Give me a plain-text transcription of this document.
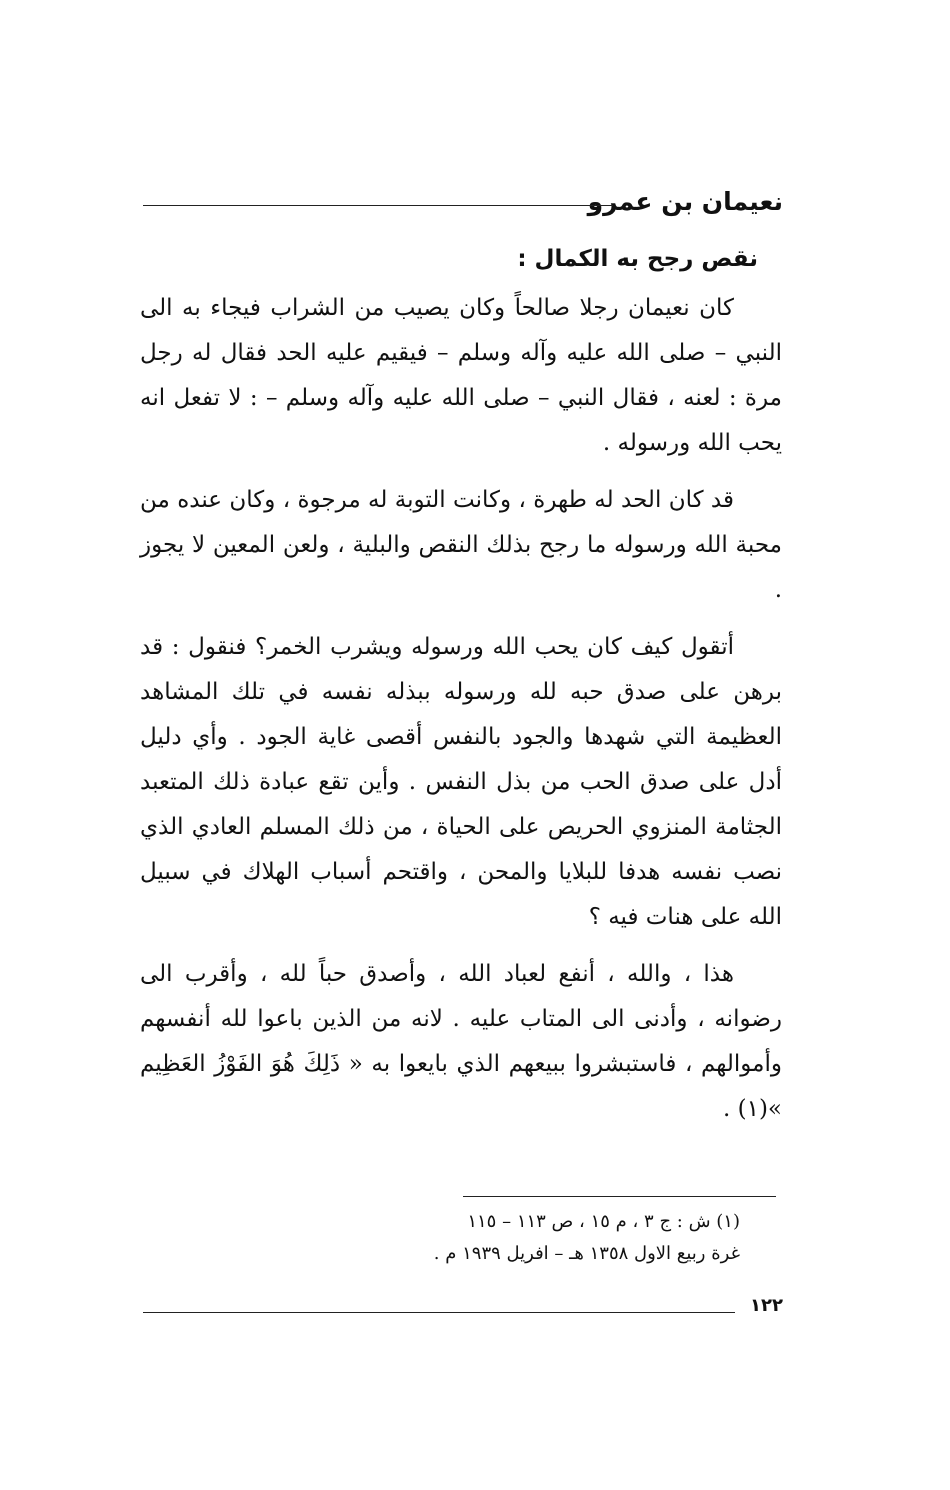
نعيمان بن عمرو
نقص رجح به الكمال :

كان نعيمان رجلا صالحاً وكان يصيب من الشراب فيجاء به الى النبي – صلى الله عليه وآله وسلم – فيقيم عليه الحد فقال له رجل مرة : لعنه ، فقال النبي – صلى الله عليه وآله وسلم – : لا تفعل انه يحب الله ورسوله .

قد كان الحد له طهرة ، وكانت التوبة له مرجوة ، وكان عنده من محبة الله ورسوله ما رجح بذلك النقص والبلية ، ولعن المعين لا يجوز .

أتقول كيف كان يحب الله ورسوله ويشرب الخمر؟ فنقول : قد برهن على صدق حبه لله ورسوله ببذله نفسه في تلك المشاهد العظيمة التي شهدها والجود بالنفس أقصى غاية الجود . وأي دليل أدل على صدق الحب من بذل النفس . وأين تقع عبادة ذلك المتعبد الجثامة المنزوي الحريص على الحياة ، من ذلك المسلم العادي الذي نصب نفسه هدفا للبلايا والمحن ، واقتحم أسباب الهلاك في سبيل الله على هنات فيه ؟

هذا ، والله ، أنفع لعباد الله ، وأصدق حباً لله ، وأقرب الى رضوانه ، وأدنى الى المتاب عليه . لانه من الذين باعوا لله أنفسهم وأموالهم ، فاستبشروا ببيعهم الذي بايعوا به « ذَلِكَ هُوَ الفَوْزُ العَظِيم »(١) .

(١) ش : ج ٣ ، م ١٥ ، ص ١١٣ – ١١٥
غرة ربيع الاول ١٣٥٨ هـ – افريل ١٩٣٩ م .
١٢٢
